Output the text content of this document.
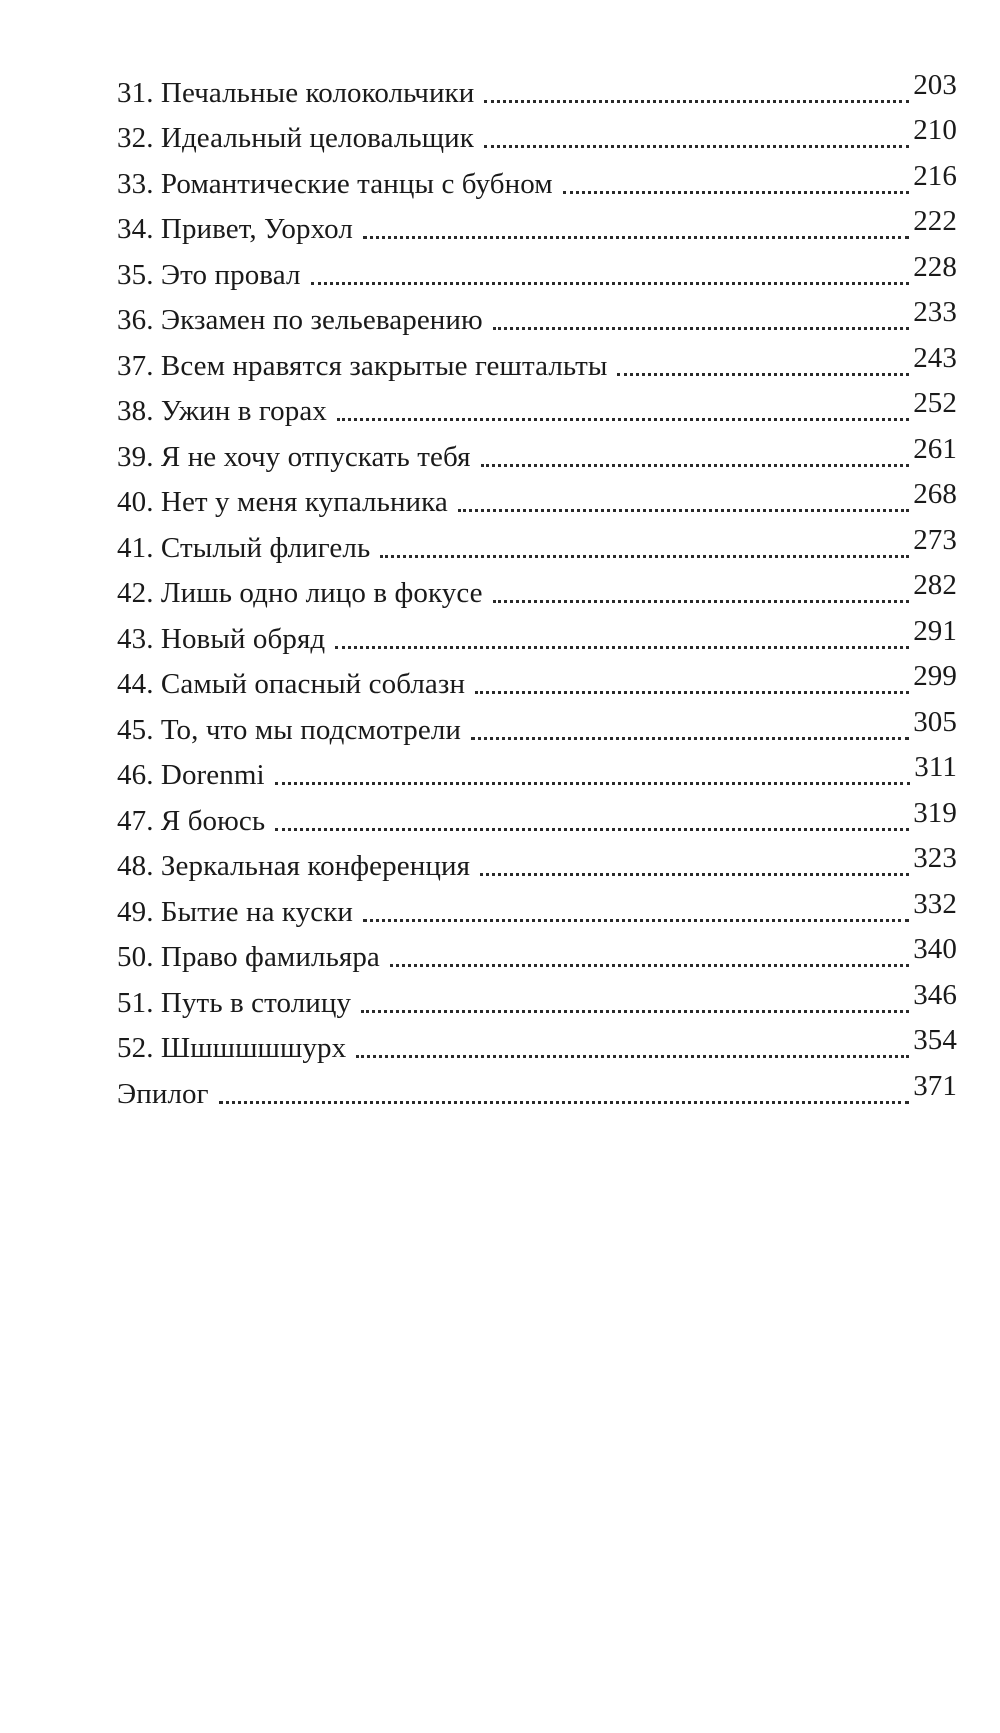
31. Печальные колокольчики	203
32. Идеальный целовальщик	210
33. Романтические танцы с бубном	216
34. Привет, Уорхол	222
35. Это провал	228
36. Экзамен по зельеварению	233
37. Всем нравятся закрытые гештальты	243
38. Ужин в горах	252
39. Я не хочу отпускать тебя	261
40. Нет у меня купальника	268
41. Стылый флигель	273
42. Лишь одно лицо в фокусе	282
43. Новый обряд	291
44. Самый опасный соблазн	299
45. То, что мы подсмотрели	305
46. Dorenmi	311
47. Я боюсь	319
48. Зеркальная конференция	323
49. Бытие на куски	332
50. Право фамильяра	340
51. Путь в столицу	346
52. Шшшшшшурх	354
Эпилог	371
